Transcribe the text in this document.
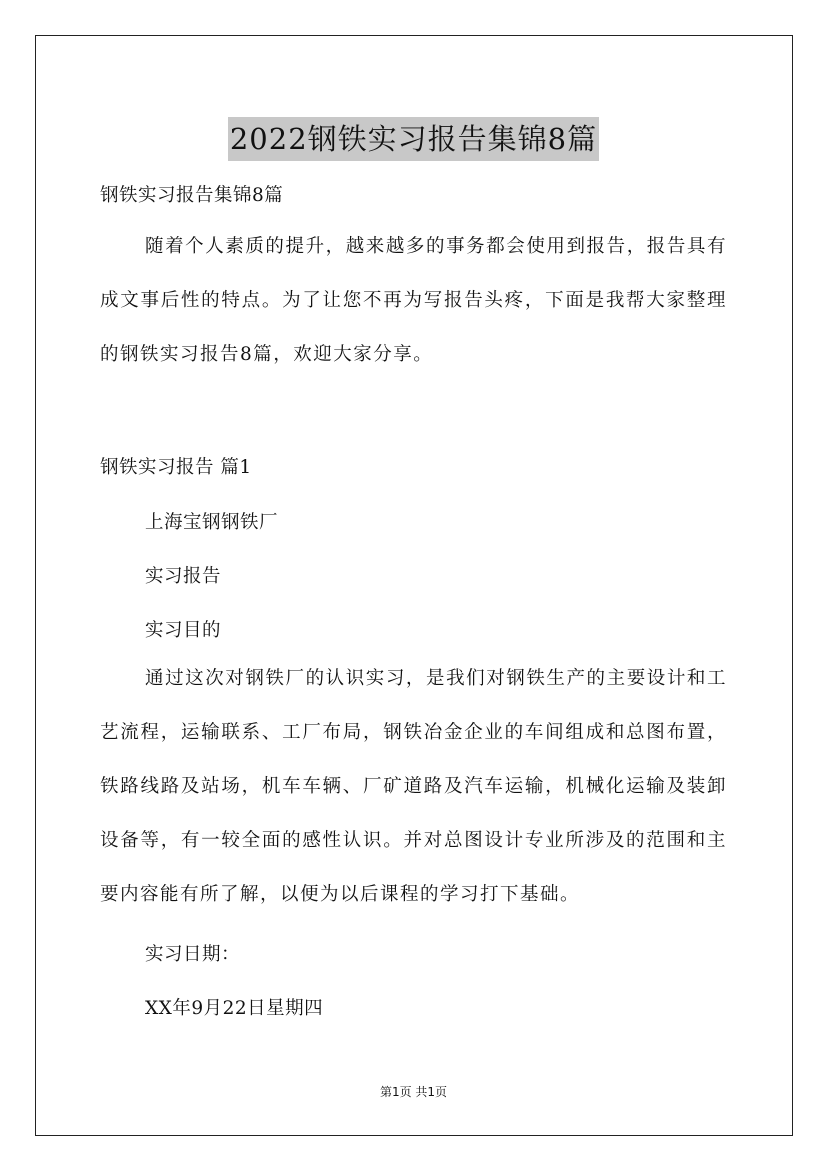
2022钢铁实习报告集锦8篇
钢铁实习报告集锦8篇

随着个人素质的提升，越来越多的事务都会使用到报告，报告具有成文事后性的特点。为了让您不再为写报告头疼，下面是我帮大家整理的钢铁实习报告8篇，欢迎大家分享。

钢铁实习报告 篇1
上海宝钢钢铁厂
实习报告
实习目的

通过这次对钢铁厂的认识实习，是我们对钢铁生产的主要设计和工艺流程，运输联系、工厂布局，钢铁冶金企业的车间组成和总图布置，铁路线路及站场，机车车辆、厂矿道路及汽车运输，机械化运输及装卸设备等，有一较全面的感性认识。并对总图设计专业所涉及的范围和主要内容能有所了解，以便为以后课程的学习打下基础。

实习日期：
XX年9月22日星期四
第1页 共1页
